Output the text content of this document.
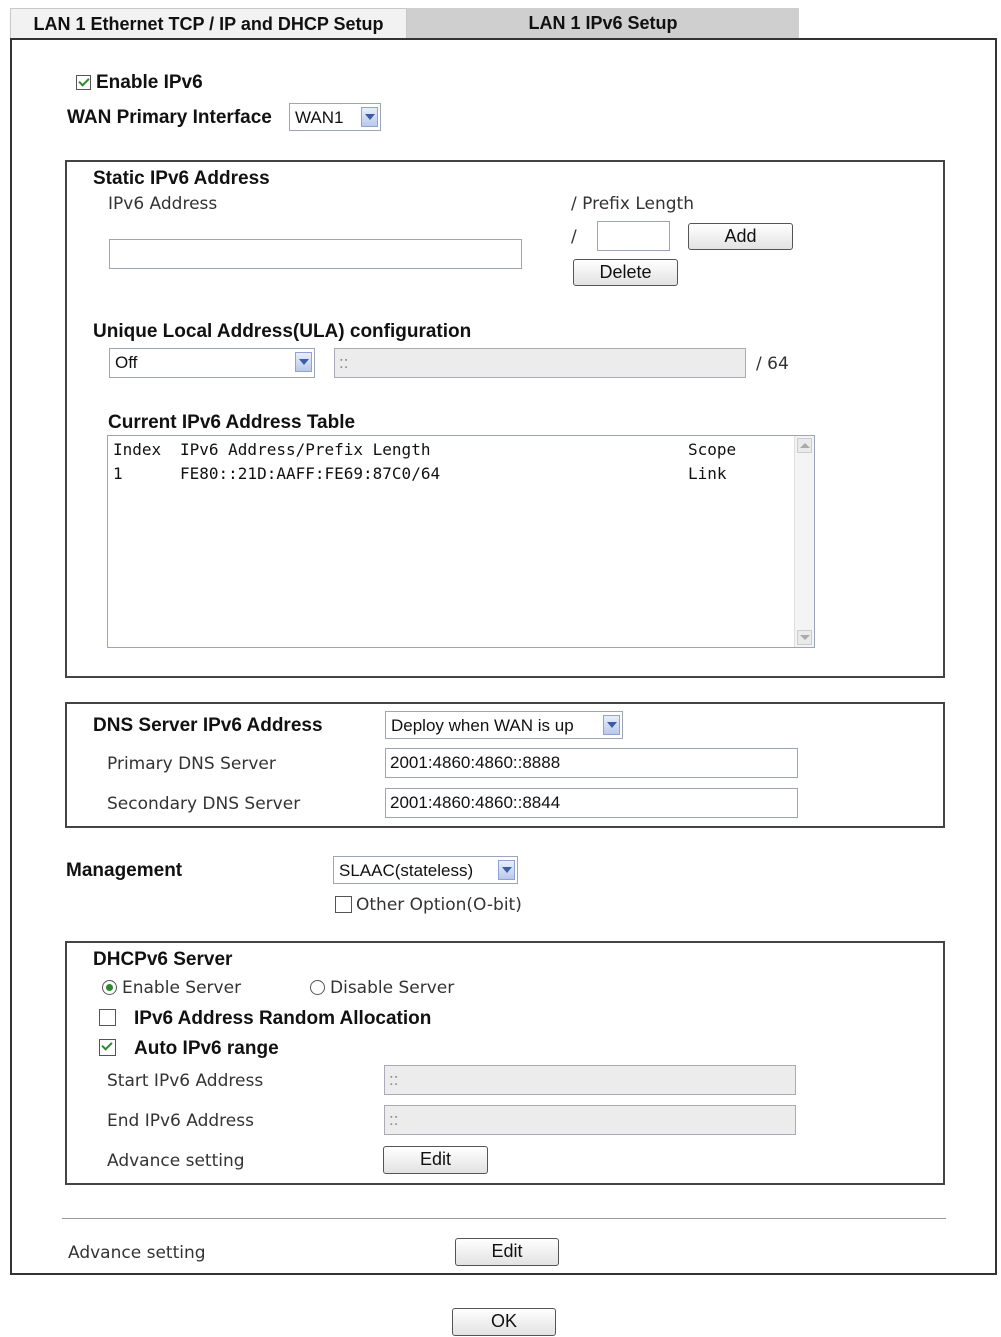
LAN 1 Ethernet TCP / IP and DHCP Setup	LAN 1 IPv6 Setup
Enable IPv6
WAN Primary Interface	WAN1
Static IPv6 Address
IPv6 Address	/ Prefix Length
/	Add
Delete
Unique Local Address(ULA) configuration
Off	::	/ 64
Current IPv6 Address Table
Index IPv6 Address/Prefix Length	Scope
1	FE80::21D:AAFF:FE69:87C0/64	Link
DNS Server IPv6 Address	Deploy when WAN is up
Primary DNS Server	2001:4860:4860::8888
Secondary DNS Server	2001:4860:4860::8844
Management	SLAAC(stateless)
Other Option(O-bit)
DHCPv6 Server
Enable Server	Disable Server
IPv6 Address Random Allocation
Auto IPv6 range
Start IPv6 Address	::
End IPv6 Address	::
Advance setting	Edit
Advance setting	Edit
OK
